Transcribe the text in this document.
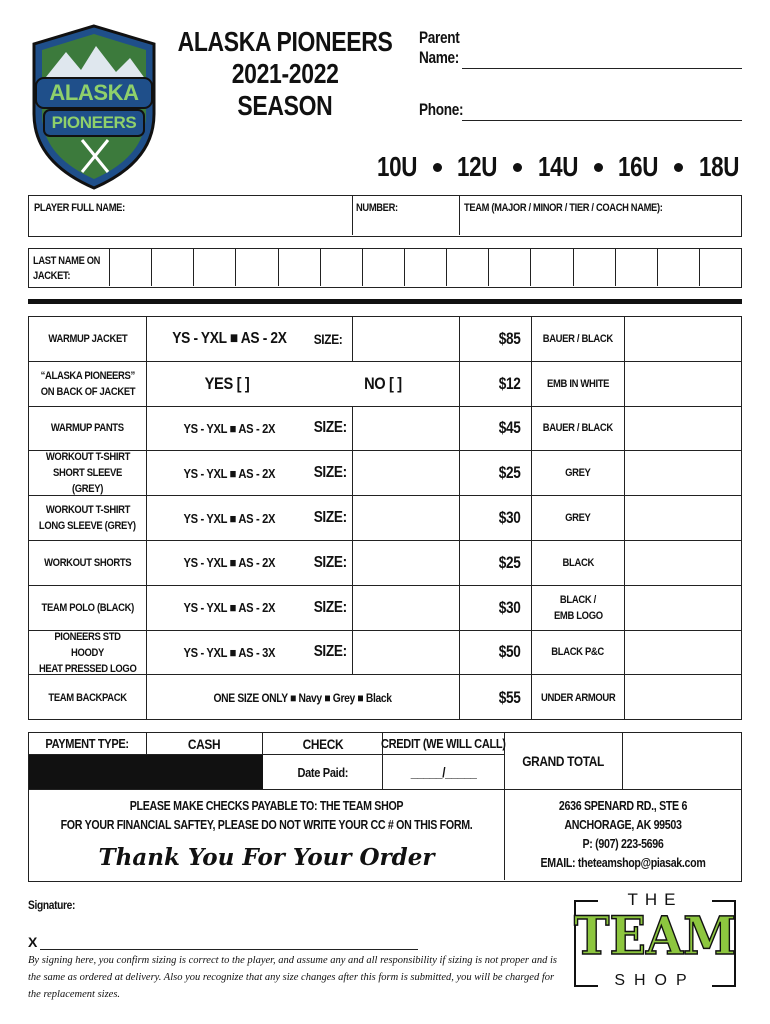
ALASKA
PIONEERS
ALASKA PIONEERS
2021-2022
SEASON
Parent
Name:
Phone:
10U 12U 14U 16U 18U
PLAYER FULL NAME:	NUMBER:	TEAM (MAJOR / MINOR / TIER / COACH NAME):
LAST NAME ON
JACKET:
WARMUP JACKET	YS - YXL ■ AS - 2X SIZE:	$85 BAUER / BLACK
“ALASKA PIONEERS”
ON BACK OF JACKET	YES [ ]	NO [ ]	$12 EMB IN WHITE
WARMUP PANTS	YS - YXL ■ AS - 2X SIZE:	$45 BAUER / BLACK
WORKOUT T-SHIRT
SHORT SLEEVE (GREY)
YS - YXL ■ AS - 2X SIZE:	$25	GREY
WORKOUT T-SHIRT
LONG SLEEVE (GREY)
YS - YXL ■ AS - 2X SIZE:	$30	GREY
WORKOUT SHORTS	YS - YXL ■ AS - 2X SIZE:	$25	BLACK
TEAM POLO (BLACK)	YS - YXL ■ AS - 2X SIZE:	$30	BLACK /
EMB LOGO
PIONEERS STD HOODY
HEAT PRESSED LOGO
YS - YXL ■ AS - 3X SIZE:	$50	BLACK P&C
TEAM BACKPACK	ONE SIZE ONLY ■ Navy ■ Grey ■ Black	$55 UNDER ARMOUR
PAYMENT TYPE:	CASH	CHECK	CREDIT (WE WILL CALL)
Date Paid:	_____/_____
GRAND TOTAL
PLEASE MAKE CHECKS PAYABLE TO: THE TEAM SHOP
FOR YOUR FINANCIAL SAFTEY, PLEASE DO NOT WRITE YOUR CC # ON THIS FORM.
Thank You For Your Order
2636 SPENARD RD., STE 6
ANCHORAGE, AK 99503
P: (907) 223-5696
EMAIL: theteamshop@piasak.com
Signature:
X
By signing here, you confirm sizing is correct to the player, and assume any and all responsibility if sizing is not proper and is the same as ordered at delivery. Also you recognize that any size changes after this form is submitted, you will be charged for the replacement sizes.
THE
TEAM
SHOP
